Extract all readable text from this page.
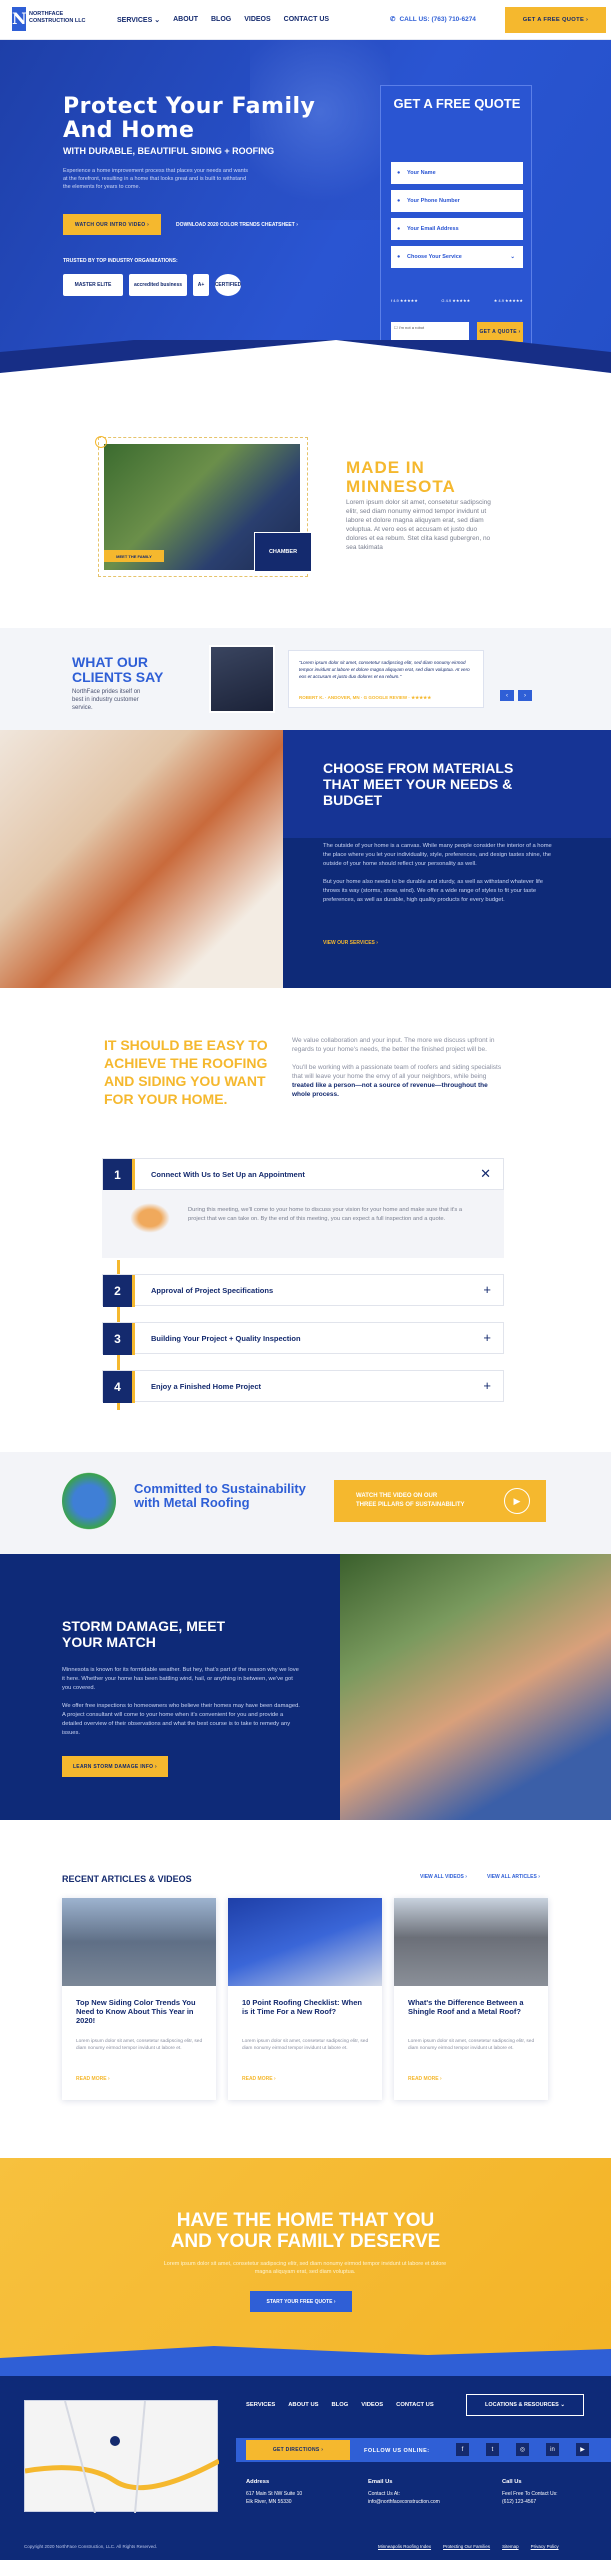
N NORTHFACE
CONSTRUCTION LLC	SERVICES ⌄ ABOUT BLOG VIDEOS CONTACT US	✆ CALL US: (763) 710-6274	GET A FREE QUOTE ›
Protect Your Family And Home
WITH DURABLE, BEAUTIFUL SIDING + ROOFING
Experience a home improvement process that places your needs and wants at the forefront, resulting in a home that looks great and is built to withstand the elements for years to come.
WATCH OUR INTRO VIDEO ›	DOWNLOAD 2020 COLOR TRENDS CHEATSHEET ›
TRUSTED BY TOP INDUSTRY ORGANIZATIONS:
MASTER ELITE	accredited business	A+	CERTIFIED
GET A FREE QUOTE
● Your Name
● Your Phone Number
● Your Email Address
● Choose Your Service	⌄
☐ I'm not a robot
GET A QUOTE ›
f 4.9 ★★★★★	G 4.9 ★★★★★	★ 4.9 ★★★★★
MEET THE FAMILY
CHAMBER
MADE IN
MINNESOTA
Lorem ipsum dolor sit amet, consetetur sadipscing elitr, sed diam nonumy eirmod tempor invidunt ut labore et dolore magna aliquyam erat, sed diam voluptua. At vero eos et accusam et justo duo dolores et ea rebum. Stet clita kasd gubergren, no sea takimata
WHAT OUR CLIENTS SAY
NorthFace prides itself on best in industry customer service.
"Lorem ipsum dolor sit amet, consetetur sadipscing elitr, sed diam nonumy eirmod tempor invidunt ut labore et dolore magna aliquyam erat, sed diam voluptua. At vero eos et accusam et justo duo dolores et ea rebum."
ROBERT K. · ANDOVER, MN · G GOOGLE REVIEW · ★★★★★	‹	›
CHOOSE FROM MATERIALS THAT MEET YOUR NEEDS & BUDGET
The outside of your home is a canvas. While many people consider the interior of a home the place where you let your individuality, style, preferences, and design tastes shine, the outside of your home should reflect your personality as well.

But your home also needs to be durable and sturdy, as well as withstand whatever life throws its way (storms, snow, wind). We offer a wide range of styles to fit your taste preferences, as well as durable, high quality products for every budget.
VIEW OUR SERVICES ›
IT SHOULD BE EASY TO ACHIEVE THE ROOFING AND SIDING YOU WANT FOR YOUR HOME.
We value collaboration and your input. The more we discuss upfront in regards to your home's needs, the better the finished project will be.

You'll be working with a passionate team of roofers and siding specialists that will leave your home the envy of all your neighbors, while being treated like a person—not a source of revenue—throughout the whole process.
1	Connect With Us to Set Up an Appointment	✕
During this meeting, we'll come to your home to discuss your vision for your home and make sure that it's a project that we can take on. By the end of this meeting, you can expect a full inspection and a quote.
2	Approval of Project Specifications	+
3	Building Your Project + Quality Inspection	+
4	Enjoy a Finished Home Project	+
Committed to Sustainability with Metal Roofing	WATCH THE VIDEO ON OUR
THREE PILLARS OF SUSTAINABILITY	▶
STORM DAMAGE, MEET YOUR MATCH
Minnesota is known for its formidable weather. But hey, that's part of the reason why we love it here. Whether your home has been battling wind, hail, or anything in between, we've got you covered.

We offer free inspections to homeowners who believe their homes may have been damaged. A project consultant will come to your home when it's convenient for you and provide a detailed overview of their observations and what the best course is to take to remedy any issues.
LEARN STORM DAMAGE INFO ›
RECENT ARTICLES & VIDEOS	VIEW ALL VIDEOS ›	VIEW ALL ARTICLES ›
Top New Siding Color Trends You Need to Know About This Year in 2020!
Lorem ipsum dolor sit amet, consetetur sadipscing elitr, sed diam nonumy eirmod tempor invidunt ut labore et.
READ MORE ›
10 Point Roofing Checklist: When is it Time For a New Roof?
Lorem ipsum dolor sit amet, consetetur sadipscing elitr, sed diam nonumy eirmod tempor invidunt ut labore et.
READ MORE ›
What's the Difference Between a Shingle Roof and a Metal Roof?
Lorem ipsum dolor sit amet, consetetur sadipscing elitr, sed diam nonumy eirmod tempor invidunt ut labore et.
READ MORE ›
HAVE THE HOME THAT YOU
AND YOUR FAMILY DESERVE
Lorem ipsum dolor sit amet, consetetur sadipscing elitr, sed diam nonumy eirmod tempor invidunt ut labore et dolore magna aliquyam erat, sed diam voluptua.
START YOUR FREE QUOTE ›
SERVICES ABOUT US BLOG VIDEOS CONTACT US	LOCATIONS & RESOURCES ⌄
GET DIRECTIONS ›	FOLLOW US ONLINE:	f	t	◎	in	▶
Address
617 Main St NW Suite 10
Elk River, MN 55330
Email Us
Contact Us At:
info@northfaceconstruction.com
Call Us
Feel Free To Contact Us:
(612) 123-4567
Copyright 2020 NorthFace Construction, LLC. All Rights Reserved.	Minneapolis Roofing Index	Protecting Our Families	Sitemap	Privacy Policy
